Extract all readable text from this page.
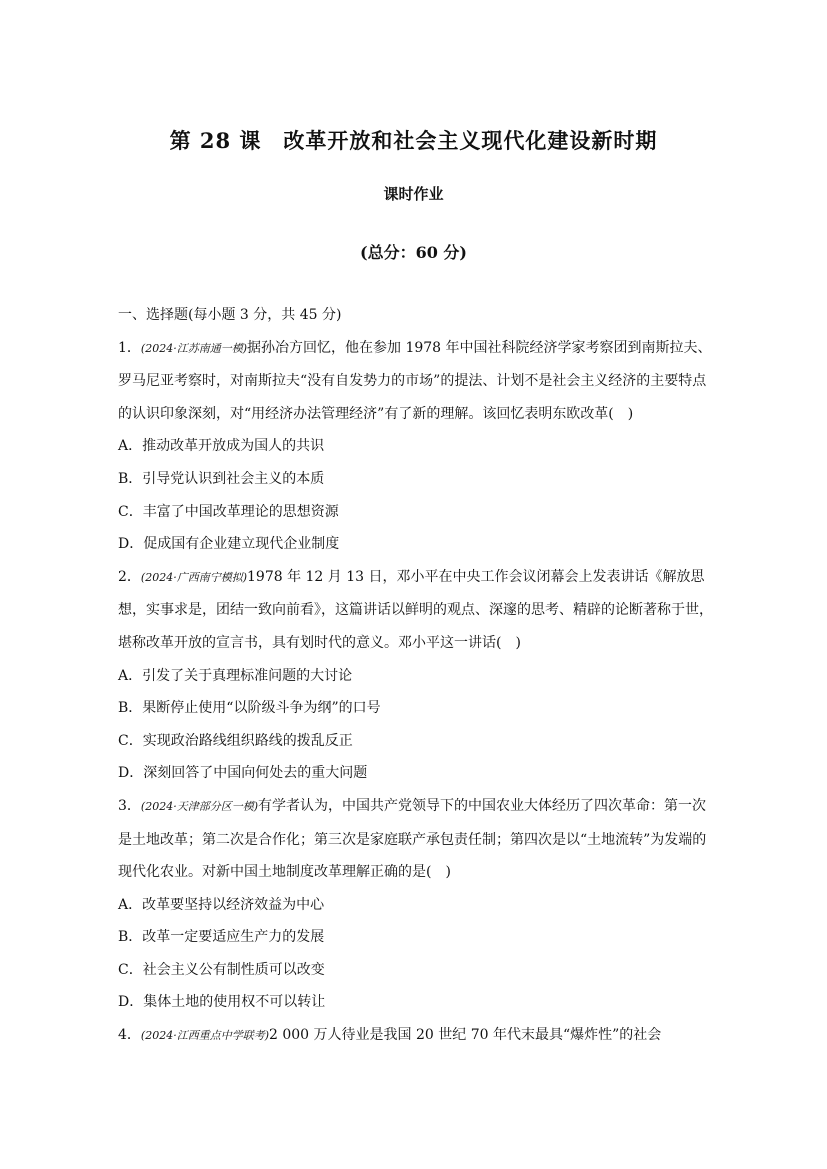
第 28 课　改革开放和社会主义现代化建设新时期
课时作业
(总分：60 分)

一、选择题(每小题 3 分，共 45 分)

1．(2024·江苏南通一模)据孙冶方回忆，他在参加 1978 年中国社科院经济学家考察团到南斯拉夫、罗马尼亚考察时，对南斯拉夫“没有自发势力的市场”的提法、计划不是社会主义经济的主要特点的认识印象深刻，对“用经济办法管理经济”有了新的理解。该回忆表明东欧改革(　)

A．推动改革开放成为国人的共识

B．引导党认识到社会主义的本质

C．丰富了中国改革理论的思想资源

D．促成国有企业建立现代企业制度

2．(2024·广西南宁模拟)1978 年 12 月 13 日，邓小平在中央工作会议闭幕会上发表讲话《解放思想，实事求是，团结一致向前看》，这篇讲话以鲜明的观点、深邃的思考、精辟的论断著称于世，堪称改革开放的宣言书，具有划时代的意义。邓小平这一讲话(　)

A．引发了关于真理标准问题的大讨论

B．果断停止使用“以阶级斗争为纲”的口号

C．实现政治路线组织路线的拨乱反正

D．深刻回答了中国向何处去的重大问题

3．(2024·天津部分区一模)有学者认为，中国共产党领导下的中国农业大体经历了四次革命：第一次是土地改革；第二次是合作化；第三次是家庭联产承包责任制；第四次是以“土地流转”为发端的现代化农业。对新中国土地制度改革理解正确的是(　)

A．改革要坚持以经济效益为中心

B．改革一定要适应生产力的发展

C．社会主义公有制性质可以改变

D．集体土地的使用权不可以转让

4．(2024·江西重点中学联考)2 000 万人待业是我国 20 世纪 70 年代末最具“爆炸性”的社会
